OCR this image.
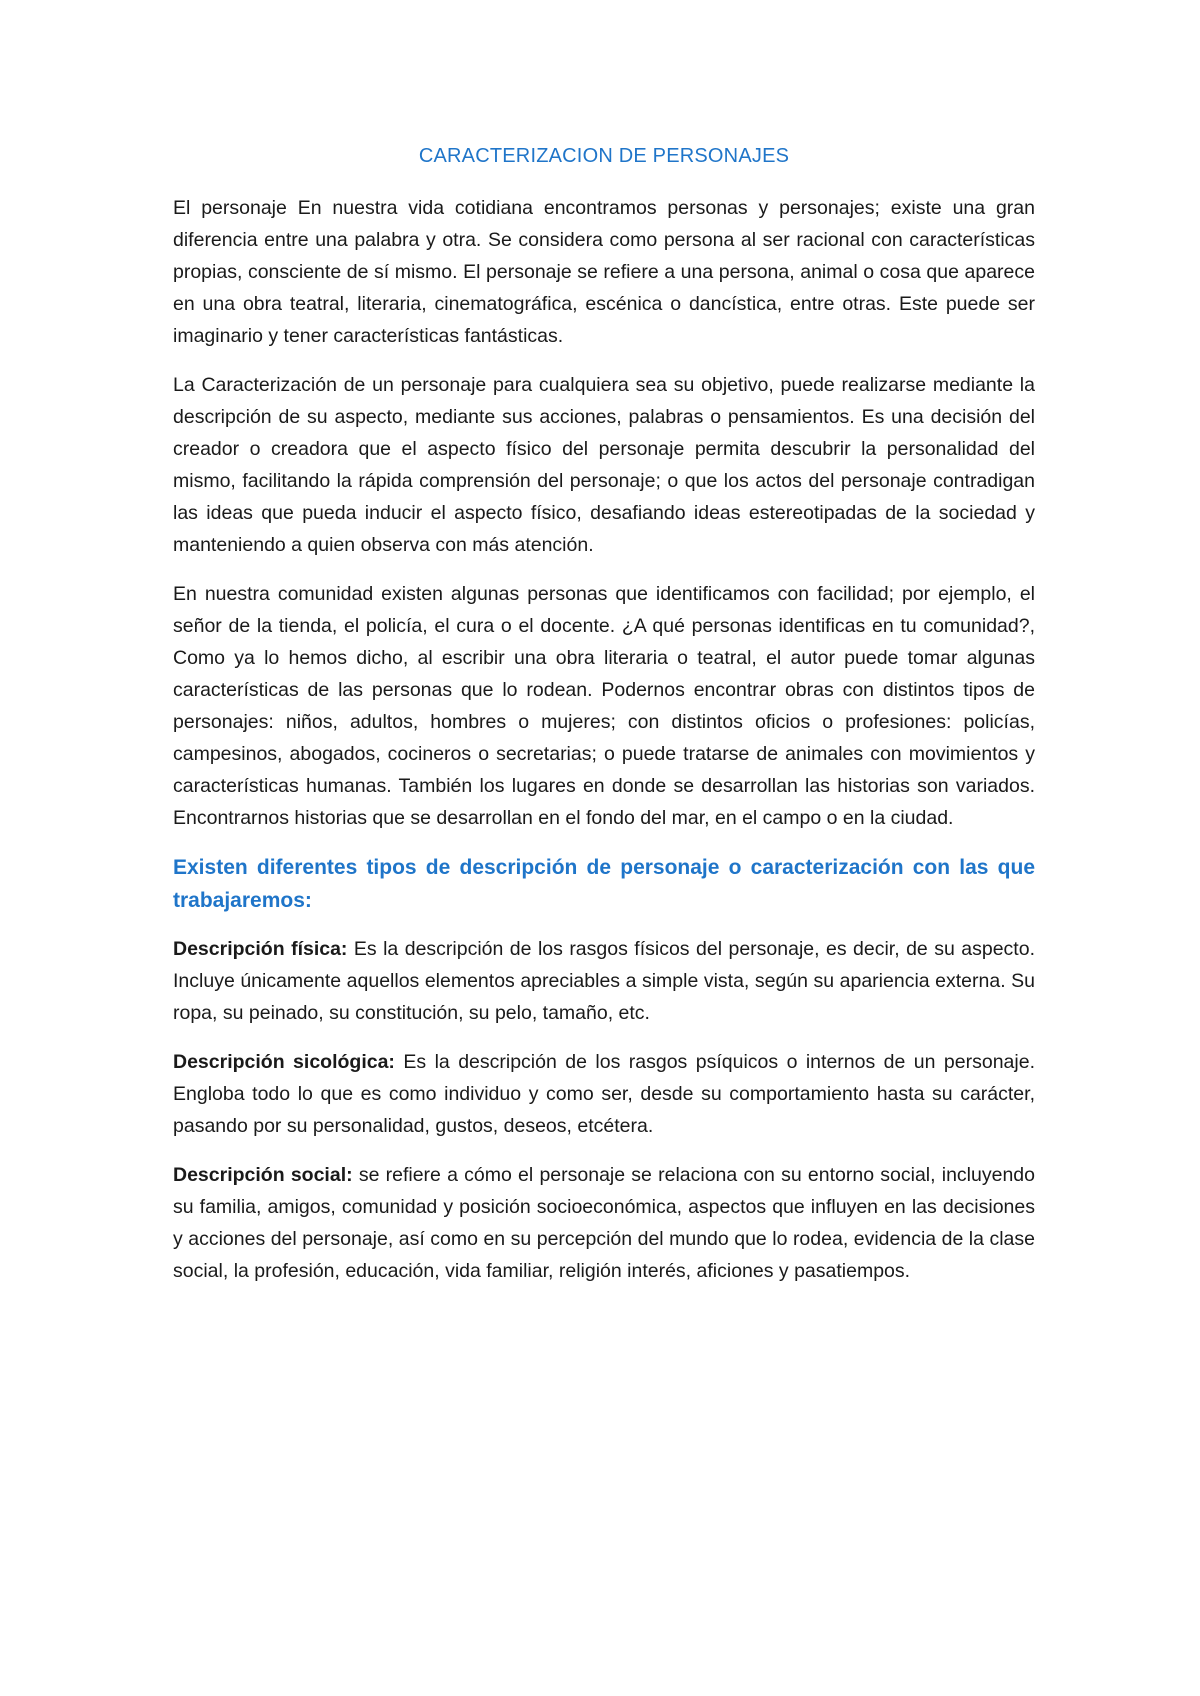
CARACTERIZACION DE PERSONAJES

El personaje En nuestra vida cotidiana encontramos personas y personajes; existe una gran diferencia entre una palabra y otra. Se considera como persona al ser racional con características propias, consciente de sí mismo. El personaje se refiere a una persona, animal o cosa que aparece en una obra teatral, literaria, cinematográfica, escénica o dancística, entre otras. Este puede ser imaginario y tener características fantásticas.

La Caracterización de un personaje para cualquiera sea su objetivo, puede realizarse mediante la descripción de su aspecto, mediante sus acciones, palabras o pensamientos. Es una decisión del creador o creadora que el aspecto físico del personaje permita descubrir la personalidad del mismo, facilitando la rápida comprensión del personaje; o que los actos del personaje contradigan las ideas que pueda inducir el aspecto físico, desafiando ideas estereotipadas de la sociedad y manteniendo a quien observa con más atención.

En nuestra comunidad existen algunas personas que identificamos con facilidad; por ejemplo, el señor de la tienda, el policía, el cura o el docente. ¿A qué personas identificas en tu comunidad?, Como ya lo hemos dicho, al escribir una obra literaria o teatral, el autor puede tomar algunas características de las personas que lo rodean. Podernos encontrar obras con distintos tipos de personajes: niños, adultos, hombres o mujeres; con distintos oficios o profesiones: policías, campesinos, abogados, cocineros o secretarias; o puede tratarse de animales con movimientos y características humanas. También los lugares en donde se desarrollan las historias son variados. Encontrarnos historias que se desarrollan en el fondo del mar, en el campo o en la ciudad.

Existen diferentes tipos de descripción de personaje o caracterización con las que trabajaremos:

Descripción física: Es la descripción de los rasgos físicos del personaje, es decir, de su aspecto. Incluye únicamente aquellos elementos apreciables a simple vista, según su apariencia externa. Su ropa, su peinado, su constitución, su pelo, tamaño, etc.

Descripción sicológica: Es la descripción de los rasgos psíquicos o internos de un personaje. Engloba todo lo que es como individuo y como ser, desde su comportamiento hasta su carácter, pasando por su personalidad, gustos, deseos, etcétera.

Descripción social: se refiere a cómo el personaje se relaciona con su entorno social, incluyendo su familia, amigos, comunidad y posición socioeconómica, aspectos que influyen en las decisiones y acciones del personaje, así como en su percepción del mundo que lo rodea, evidencia de la clase social, la profesión, educación, vida familiar, religión interés, aficiones y pasatiempos.
